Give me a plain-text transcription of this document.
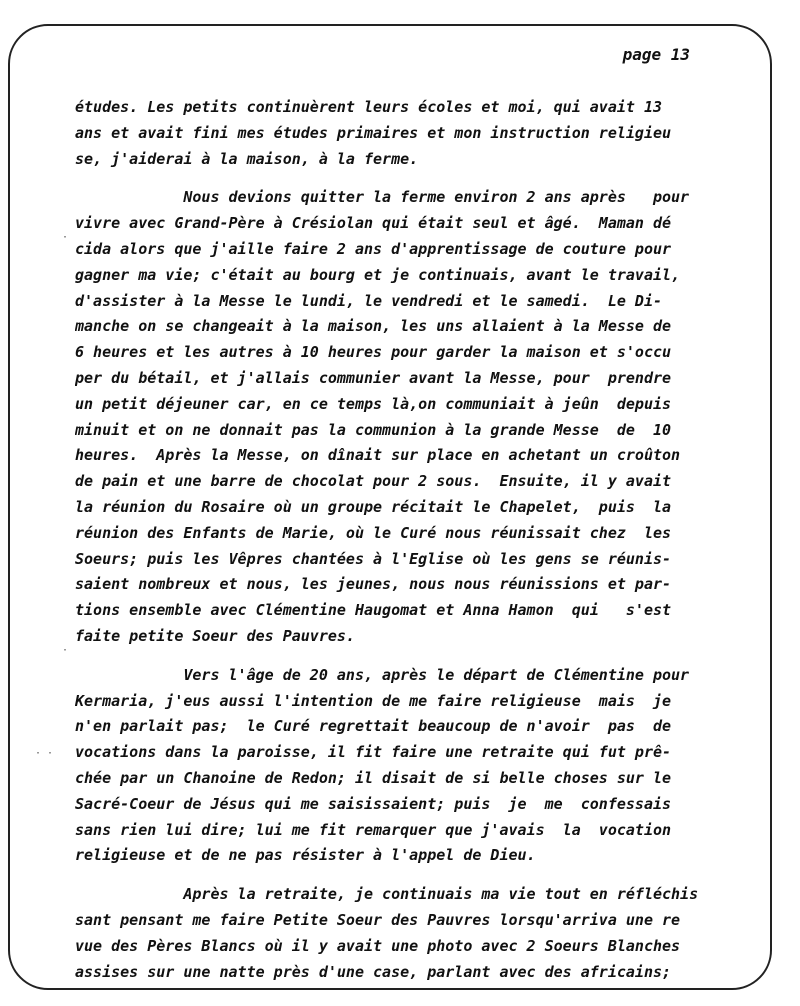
page 13
études. Les petits continuèrent leurs écoles et moi, qui avait 13
ans et avait fini mes études primaires et mon instruction religieu
se, j'aiderai à la maison, à la ferme.
Nous devions quitter la ferme environ 2 ans après   pour
vivre avec Grand-Père à Crésiolan qui était seul et âgé.  Maman dé
cida alors que j'aille faire 2 ans d'apprentissage de couture pour
gagner ma vie; c'était au bourg et je continuais, avant le travail,
d'assister à la Messe le lundi, le vendredi et le samedi.  Le Di-
manche on se changeait à la maison, les uns allaient à la Messe de
6 heures et les autres à 10 heures pour garder la maison et s'occu
per du bétail, et j'allais communier avant la Messe, pour  prendre
un petit déjeuner car, en ce temps là,on communiait à jeûn  depuis
minuit et on ne donnait pas la communion à la grande Messe  de  10
heures.  Après la Messe, on dînait sur place en achetant un croûton
de pain et une barre de chocolat pour 2 sous.  Ensuite, il y avait
la réunion du Rosaire où un groupe récitait le Chapelet,  puis  la
réunion des Enfants de Marie, où le Curé nous réunissait chez  les
Soeurs; puis les Vêpres chantées à l'Eglise où les gens se réunis-
saient nombreux et nous, les jeunes, nous nous réunissions et par-
tions ensemble avec Clémentine Haugomat et Anna Hamon  qui   s'est
faite petite Soeur des Pauvres.
Vers l'âge de 20 ans, après le départ de Clémentine pour
Kermaria, j'eus aussi l'intention de me faire religieuse  mais  je
n'en parlait pas;  le Curé regrettait beaucoup de n'avoir  pas  de
vocations dans la paroisse, il fit faire une retraite qui fut prê-
chée par un Chanoine de Redon; il disait de si belle choses sur le
Sacré-Coeur de Jésus qui me saisissaient; puis  je  me  confessais
sans rien lui dire; lui me fit remarquer que j'avais  la  vocation
religieuse et de ne pas résister à l'appel de Dieu.
Après la retraite, je continuais ma vie tout en réfléchis
sant pensant me faire Petite Soeur des Pauvres lorsqu'arriva une re
vue des Pères Blancs où il y avait une photo avec 2 Soeurs Blanches
assises sur une natte près d'une case, parlant avec des africains;
· ·
·
·
